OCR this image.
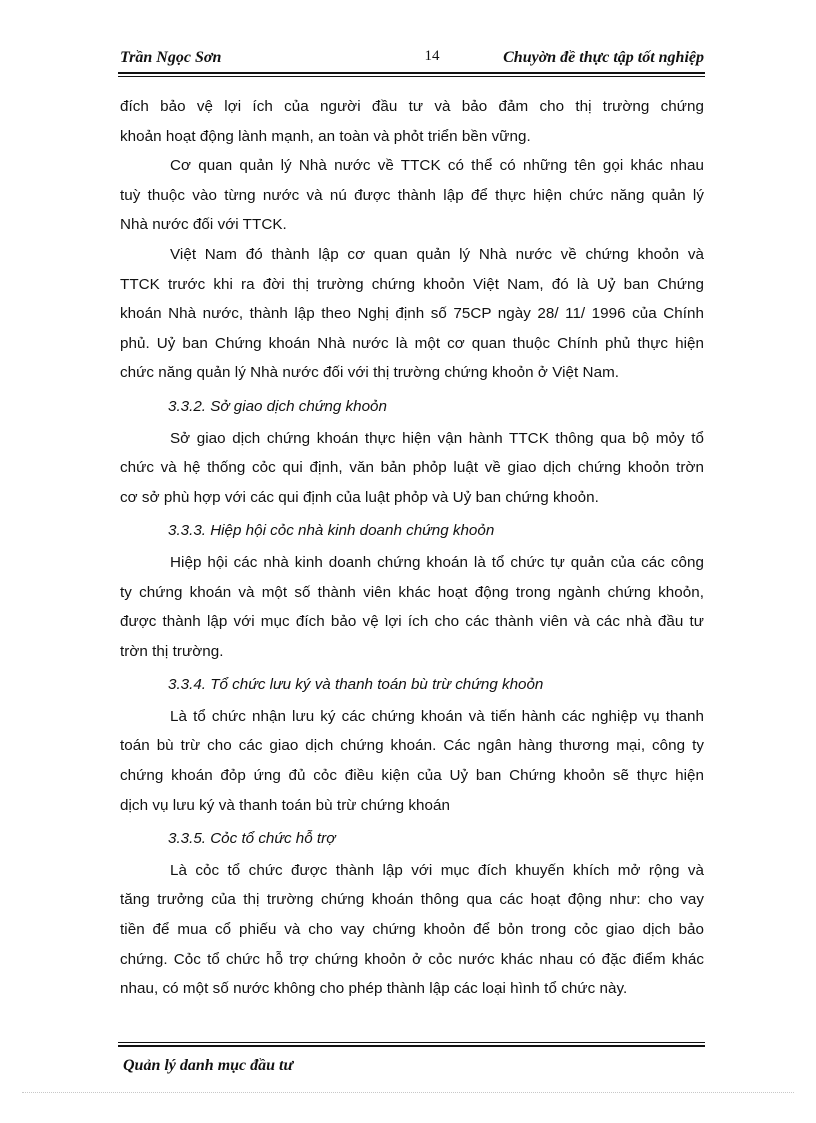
Trần Ngọc Sơn	14	Chuyờn đề thực tập tốt nghiệp

đích bảo vệ lợi ích của người đầu tư và bảo đảm cho thị trường chứng
khoản hoạt động lành mạnh, an toàn và phỏt triển bền vững.

Cơ quan quản lý Nhà nước về TTCK có thể có những tên gọi khác nhau
tuỳ thuộc vào từng nước và nú được thành lập để thực hiện chức năng quản lý
Nhà nước đối với TTCK.

Việt Nam đó thành lập cơ quan quản lý Nhà nước về chứng khoỏn và
TTCK trước khi ra đời thị trường chứng khoỏn Việt Nam, đó là Uỷ ban Chứng
khoán Nhà nước, thành lập theo Nghị định số 75CP ngày 28/ 11/ 1996 của Chính
phủ. Uỷ ban Chứng khoán Nhà nước là một cơ quan thuộc Chính phủ thực hiện
chức năng quản lý Nhà nước đối với thị trường chứng khoỏn ở Việt Nam.

3.3.2. Sở giao dịch chứng khoỏn

Sở giao dịch chứng khoán thực hiện vận hành TTCK thông qua bộ mỏy tổ
chức và hệ thống cỏc qui định, văn bản phỏp luật về giao dịch chứng khoỏn trờn
cơ sở phù hợp với các qui định của luật phỏp và Uỷ ban chứng khoỏn.

3.3.3. Hiệp hội cỏc nhà kinh doanh chứng khoỏn

Hiệp hội các nhà kinh doanh chứng khoán là tổ chức tự quản của các công
ty chứng khoán và một số thành viên khác hoạt động trong ngành chứng khoỏn,
được thành lập với mục đích bảo vệ lợi ích cho các thành viên và các nhà đầu tư
trờn thị trường.

3.3.4. Tổ chức lưu ký và thanh toán bù trừ chứng khoỏn

Là tổ chức nhận lưu ký các chứng khoán và tiến hành các nghiệp vụ thanh
toán bù trừ cho các giao dịch chứng khoán. Các ngân hàng thương mại, công ty
chứng khoán đỏp ứng đủ cỏc điều kiện của Uỷ ban Chứng khoỏn sẽ thực hiện
dịch vụ lưu ký và thanh toán bù trừ chứng khoán

3.3.5. Cỏc tổ chức hỗ trợ

Là cỏc tổ chức được thành lập với mục đích khuyến khích mở rộng và
tăng trưởng của thị trường chứng khoán thông qua các hoạt động như: cho vay
tiền để mua cổ phiếu và cho vay chứng khoỏn để bỏn trong cỏc giao dịch bảo
chứng. Cỏc tổ chức hỗ trợ chứng khoỏn ở cỏc nước khác nhau có đặc điểm khác
nhau, có một số nước không cho phép thành lập các loại hình tổ chức này.

Quản lý danh mục đầu tư
